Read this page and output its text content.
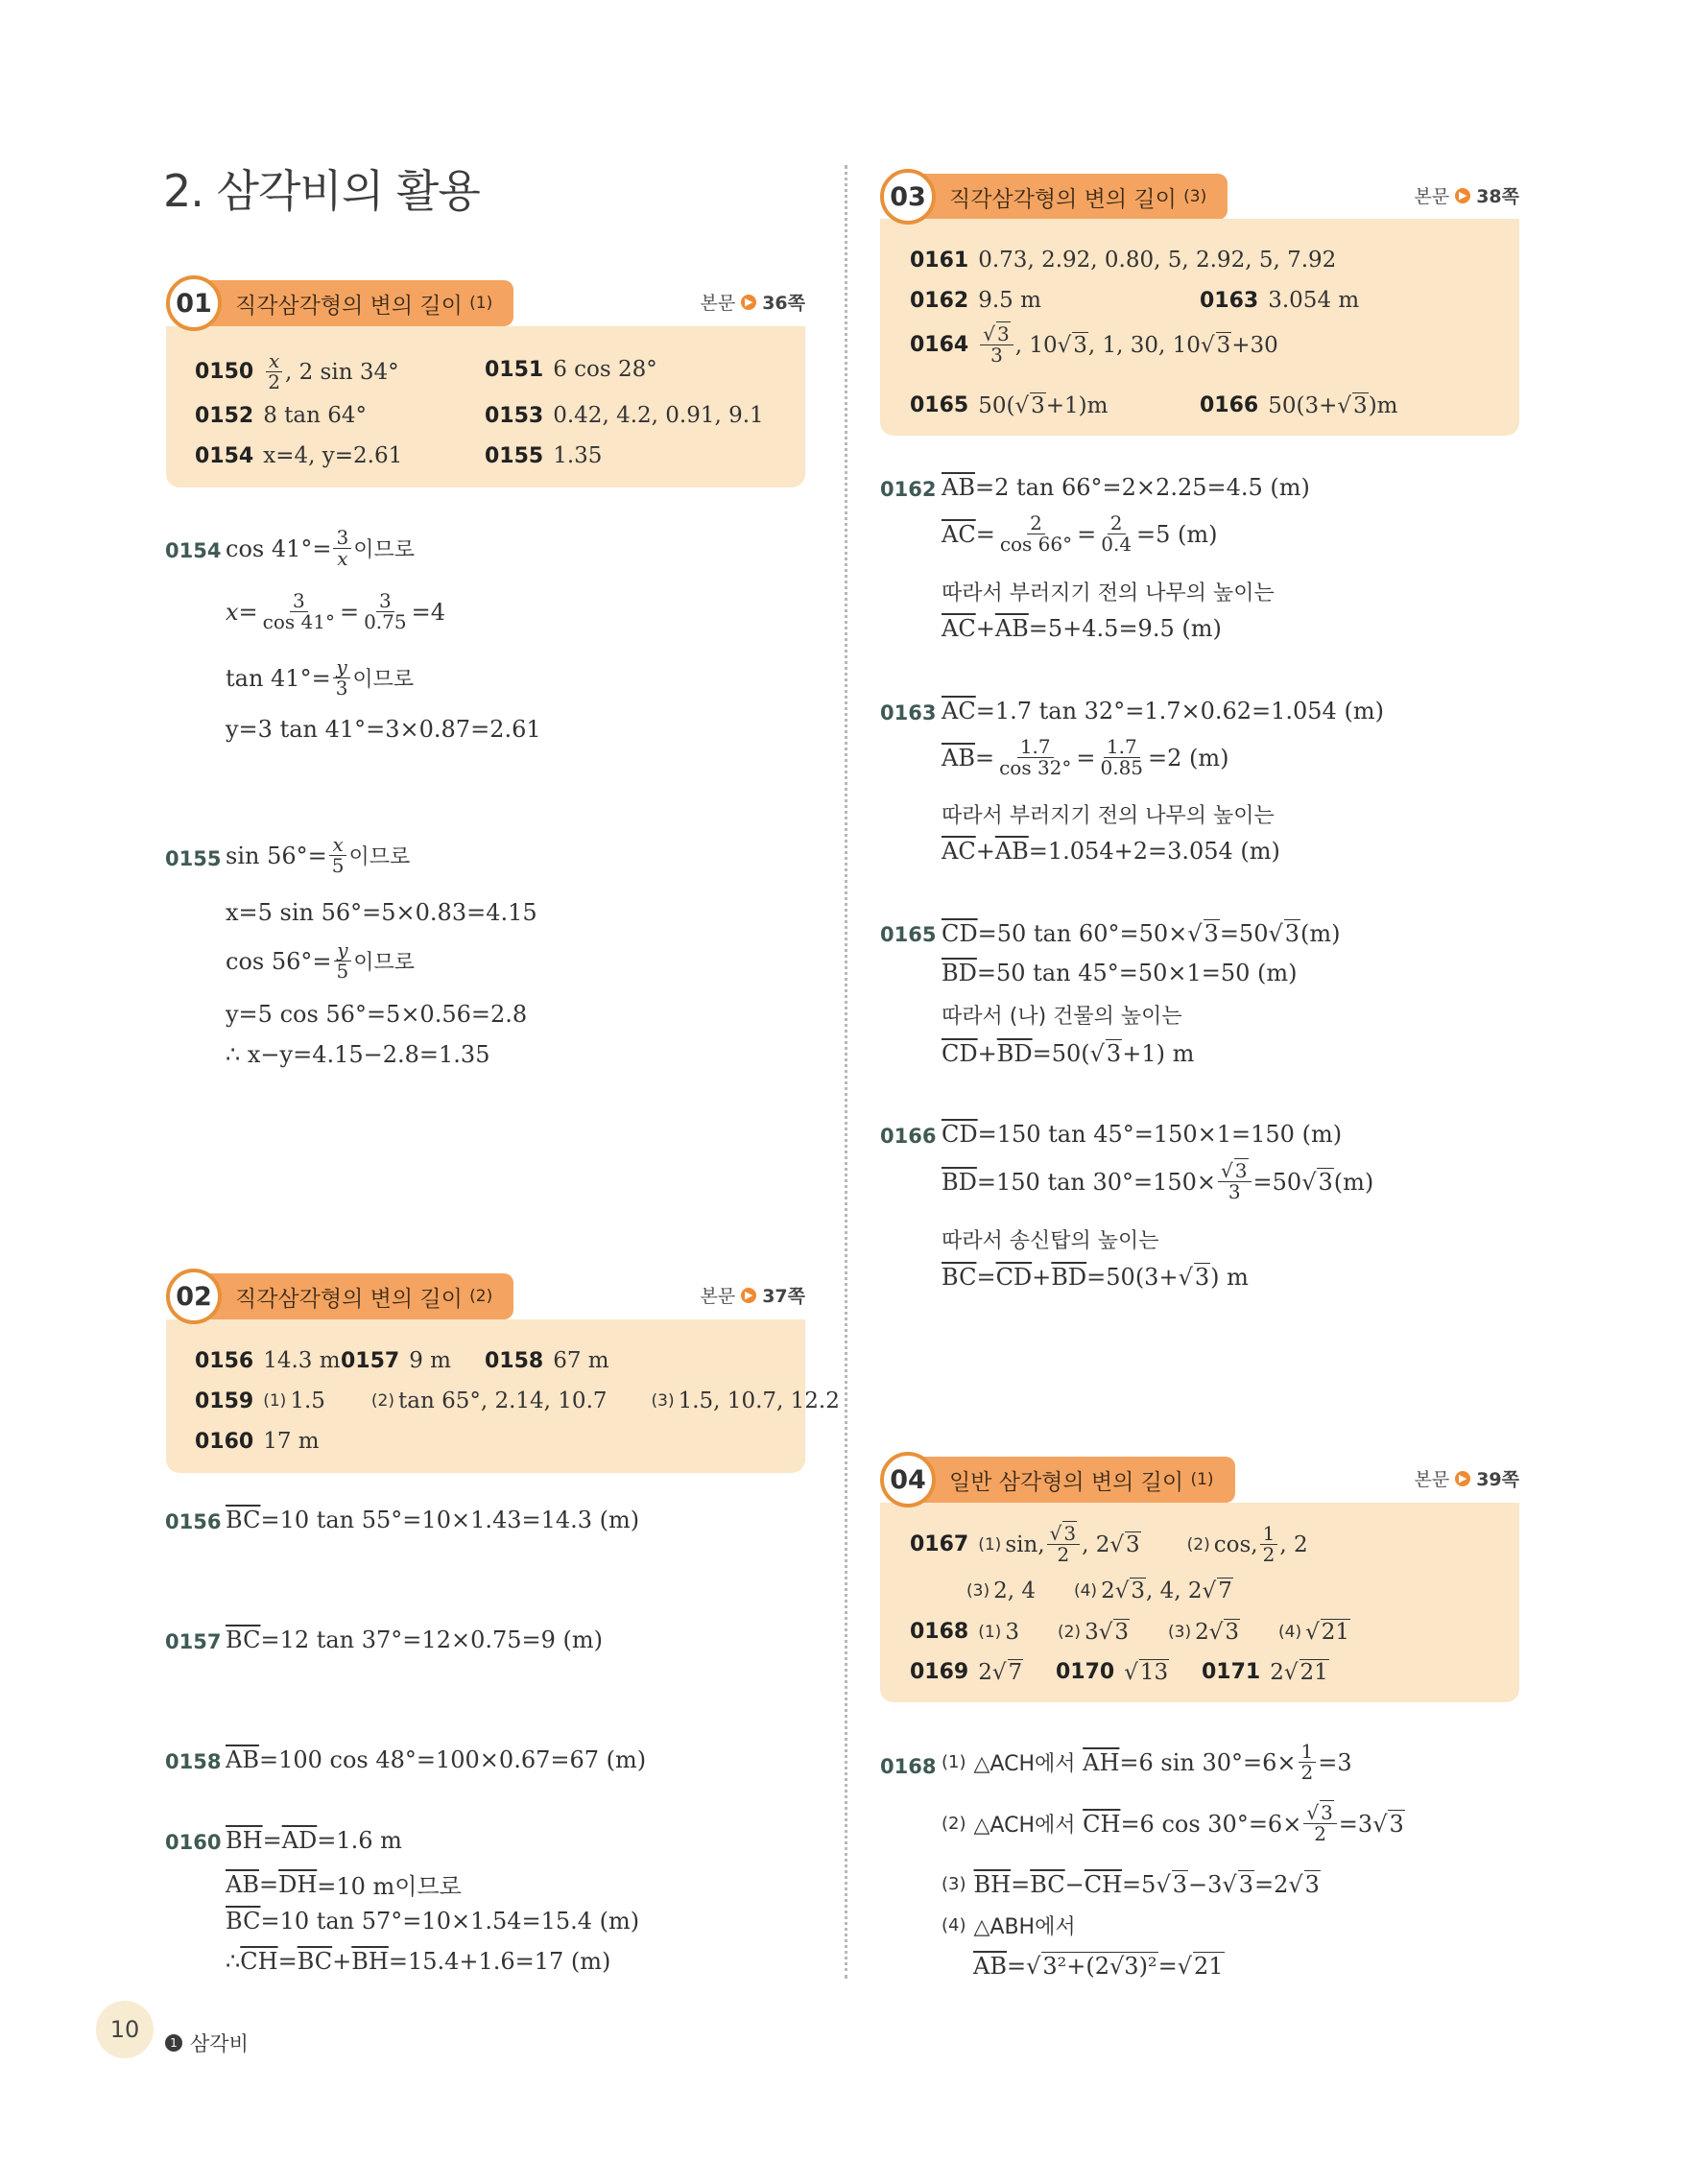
2. 삼각비의 활용
01	직각삼각형의 변의 길이
(1)	본문 ▶ 36쪽
$0150 \frac{x}{2}$ , 2 sin 34°	0151 6 cos 28°
0152 8 tan 64°	0153 0.42, 4.2, 0.91, 9.1
0154 x=4, y=2.61	0155 1.35
0154 $\cos 41^\circ= \frac{3}{x}$ 이므로
$x= \frac{3}{\cos 41^\circ} = \frac{3}{0.75} =4$
$\tan 41^\circ= \frac{y}{3}$ 이므로
y=3 tan 41°=3×0.87=2.61
0155 $\sin 56^\circ= \frac{x}{5}$ 이므로
x=5 sin 56°=5×0.83=4.15
$\cos 56^\circ= \frac{y}{5}$ 이므로
y=5 cos 56°=5×0.56=2.8
∴ x−y=4.15−2.8=1.35
02	직각삼각형의 변의 길이
(2)	본문 ▶ 37쪽
0156 14.3 m 0157 9 m 0158 67 m
0159 (1) 1.5	(2) tan 65°, 2.14, 10.7	(3) 1.5, 10.7, 12.2
0160 17 m
0156 $\overline{BC} =10$ tan 55°=10×1.43=14.3 (m)
0157 $\overline{BC} =12$ tan 37°=12×0.75=9 (m)
0158 $\overline{AB} =100$ cos 48°=100×0.67=67 (m)
0160 $\overline{BH} = \overline{AD} =1.6$ m
$\overline{AB} = \overline{DH} =10$ m이므로
$\overline{BC} =10$ tan 57°=10×1.54=15.4 (m)
∴ $\overline{CH} = \overline{BC} + \overline{BH} =15.4+1.6=17$ (m)
03	직각삼각형의 변의 길이
(3)	본문 ▶ 38쪽
0161 0.73, 2.92, 0.80, 5, 2.92, 5, 7.92
0162 9.5 m	0163 3.054 m
$0164 \frac{√ 3}{3}$ , 10 √ 3 , 1, 30, 10 √ 3 +30
0165 50( √ 3 +1)m	0166 50(3+ √ 3 )m
0162 $\overline{AB} =2$ tan 66°=2×2.25=4.5 (m)
$\overline{AC} = \frac{2}{\cos 66^\circ} = \frac{2}{0.4} =5$ (m)
따라서 부러지기 전의 나무의 높이는
$\overline{AC} + \overline{AB} =5+4.5=9.5$ (m)
0163 $\overline{AC} =1.7$ tan 32°=1.7×0.62=1.054 (m)
$\overline{AB} = \frac{1.7}{\cos 32^\circ} = \frac{1.7}{0.85} =2$ (m)
따라서 부러지기 전의 나무의 높이는
$\overline{AC} + \overline{AB} =1.054+2=3.054$ (m)
0165 $\overline{CD} =50$ tan 60°=50× √ 3 =50 √ 3 (m)
$\overline{BD} =50$ tan 45°=50×1=50 (m)
따라서 (나) 건물의 높이는
$\overline{CD} + \overline{BD} =50$( √ 3 +1) m
0166 $\overline{CD} =150$ tan 45°=150×1=150 (m)
$\overline{BD} =150$ $\tan 30^\circ=150\times \frac{√ 3}{3} =50$ √ 3 (m)
따라서 송신탑의 높이는
$\overline{BC} = \overline{CD} + \overline{BD} =50(3+$ √ 3 ) m
04	일반 삼각형의 변의 길이
(1)	본문 ▶ 39쪽
0167 (1) sin, $\frac{√ 3}{2}$ , 2 √ 3	(2) cos, $\frac{1}{2}$ , 2
(3) 2, 4 (4) 2 √ 3 , 4, 2 √ 7
0168 (1) 3 (2) 3 √ 3 (3) 2 √ 3 (4) √ 21
0169 2 √ 7 0170 √ 13 0171 2 √ 21
0168 (1) △ACH에서
$\overline{AH} =6$ $\sin 30^\circ=6\times \frac{1}{2} =3$
(2) △ACH에서
$\overline{CH} =6$ $\cos 30^\circ=6\times \frac{√ 3}{2} =3$ √ 3
(3) $\overline{BH} = \overline{BC} - \overline{CH} =5$ √ 3 −3 √ 3 =2 √ 3
(4) △ABH에서
$\overline{AB}$ = √ 3²+(2√3)² = √ 21
10	1 삼각비
